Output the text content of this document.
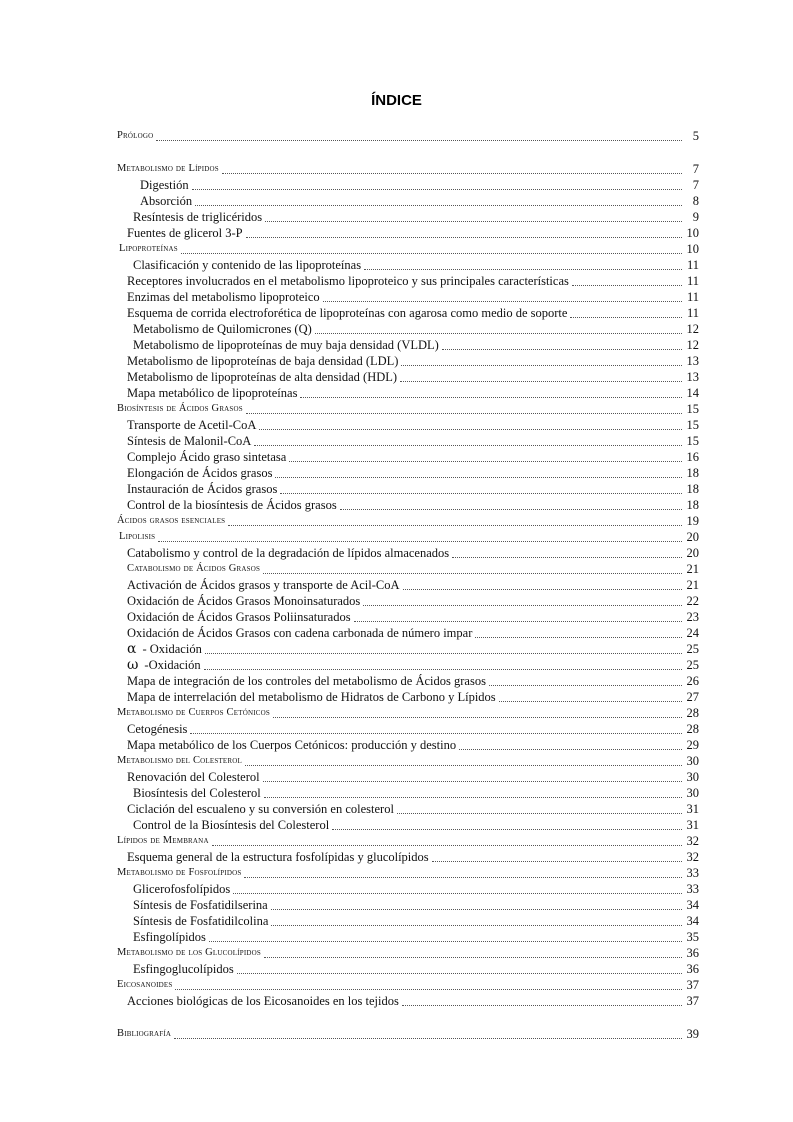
ÍNDICE
Prólogo	5
Metabolismo de Lípidos	7
Digestión	7
Absorción	8
Resíntesis de triglicéridos	9
Fuentes de glicerol 3-P	10
Lipoproteínas	10
Clasificación y contenido de las lipoproteínas	11
Receptores involucrados en el metabolismo lipoproteico y sus principales características	11
Enzimas del metabolismo lipoproteico	11
Esquema de corrida electroforética de lipoproteínas con agarosa como medio de soporte	11
Metabolismo de Quilomicrones (Q)	12
Metabolismo de lipoproteínas de muy baja densidad (VLDL)	12
Metabolismo de lipoproteínas de baja densidad (LDL)	13
Metabolismo de lipoproteínas de alta densidad (HDL)	13
Mapa metabólico de lipoproteínas	14
Biosíntesis de Ácidos Grasos	15
Transporte de Acetil-CoA	15
Síntesis de Malonil-CoA	15
Complejo Ácido graso sintetasa	16
Elongación de Ácidos grasos	18
Instauración de Ácidos grasos	18
Control de la biosíntesis de Ácidos grasos	18
Ácidos grasos esenciales	19
Lipolisis	20
Catabolismo y control de la degradación de lípidos almacenados	20
Catabolismo de Ácidos Grasos	21
Activación de Ácidos grasos y transporte de Acil-CoA	21
Oxidación de Ácidos Grasos Monoinsaturados	22
Oxidación de Ácidos Grasos Poliinsaturados	23
Oxidación de Ácidos Grasos con cadena carbonada de número impar	24
α - Oxidación	25
ω -Oxidación	25
Mapa de integración de los controles del metabolismo de Ácidos grasos	26
Mapa de interrelación del metabolismo de Hidratos de Carbono y Lípidos	27
Metabolismo de Cuerpos Cetónicos	28
Cetogénesis	28
Mapa metabólico de los Cuerpos Cetónicos: producción y destino	29
Metabolismo del Colesterol	30
Renovación del Colesterol	30
Biosíntesis del Colesterol	30
Ciclación del escualeno y su conversión en colesterol	31
Control de la Biosíntesis del Colesterol	31
Lípidos de Membrana	32
Esquema general de la estructura fosfolípidas y glucolípidos	32
Metabolismo de Fosfolípidos	33
Glicerofosfolípidos	33
Síntesis de Fosfatidilserina	34
Síntesis de Fosfatidilcolina	34
Esfingolípidos	35
Metabolismo de los Glucolípidos	36
Esfingoglucolípidos	36
Eicosanoides	37
Acciones biológicas de los Eicosanoides en los tejidos	37
Bibliografía	39
